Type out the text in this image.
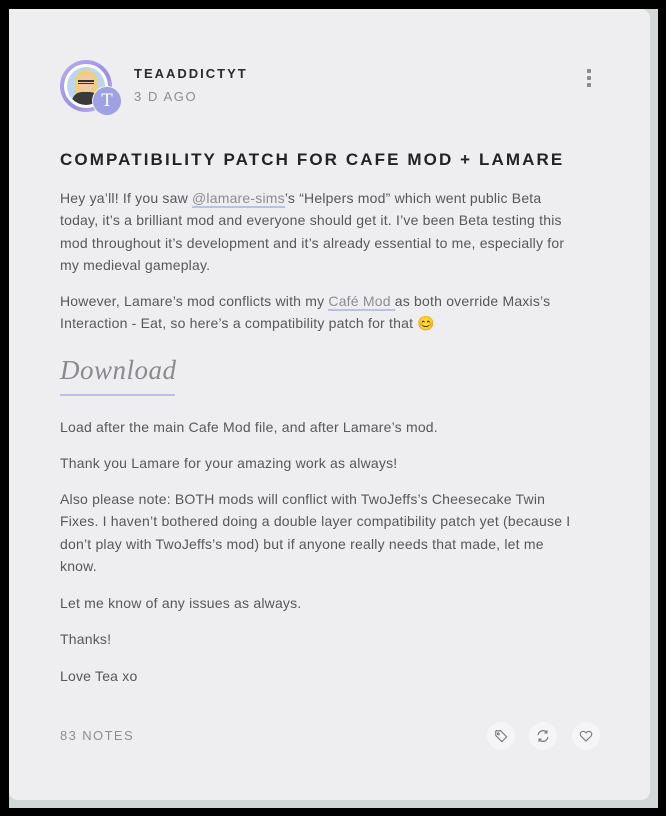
T
TEAADDICTYT
3 D AGO
COMPATIBILITY PATCH FOR CAFE MOD + LAMARE
Hey ya’ll! If you saw @lamare-sims’s “Helpers mod” which went public Beta
today, it’s a brilliant mod and everyone should get it. I’ve been Beta testing this
mod throughout it’s development and it’s already essential to me, especially for
my medieval gameplay.
However, Lamare’s mod conflicts with my Café Mod as both override Maxis’s
Interaction - Eat, so here’s a compatibility patch for that 😊
Download
Load after the main Cafe Mod file, and after Lamare’s mod.
Thank you Lamare for your amazing work as always!
Also please note: BOTH mods will conflict with TwoJeffs’s Cheesecake Twin
Fixes. I haven’t bothered doing a double layer compatibility patch yet (because I
don’t play with TwoJeffs’s mod) but if anyone really needs that made, let me
know.
Let me know of any issues as always.
Thanks!
Love Tea xo
83 NOTES
